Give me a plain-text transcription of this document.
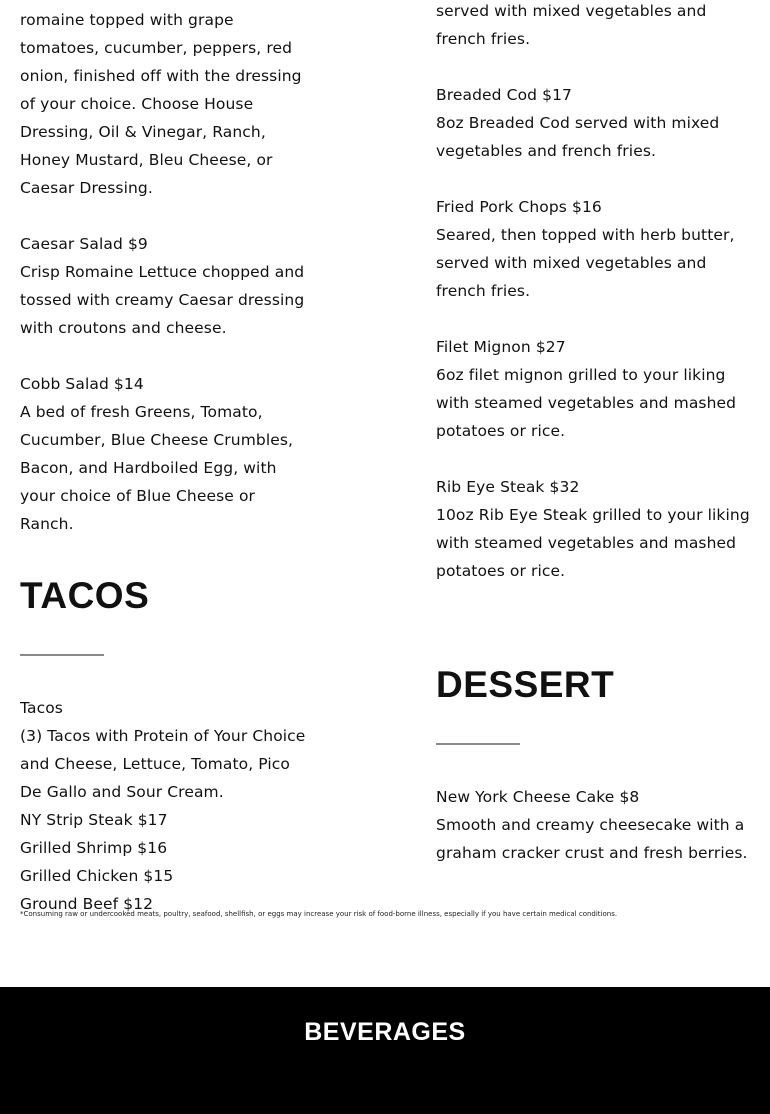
romaine topped with grape tomatoes, cucumber, peppers, red onion, finished off with the dressing of your choice. Choose House Dressing, Oil & Vinegar, Ranch, Honey Mustard, Bleu Cheese, or Caesar Dressing.

Caesar Salad $9

Crisp Romaine Lettuce chopped and tossed with creamy Caesar dressing with croutons and cheese.

Cobb Salad $14

A bed of fresh Greens, Tomato, Cucumber, Blue Cheese Crumbles, Bacon, and Hardboiled Egg, with your choice of Blue Cheese or Ranch.

TACOS

Tacos

(3) Tacos with Protein of Your Choice and Cheese, Lettuce, Tomato, Pico De Gallo and Sour Cream.

NY Strip Steak $17

Grilled Shrimp $16

Grilled Chicken $15

Ground Beef $12

served with mixed vegetables and french fries.

Breaded Cod $17

8oz Breaded Cod served with mixed vegetables and french fries.

Fried Pork Chops $16

Seared, then topped with herb butter, served with mixed vegetables and french fries.

Filet Mignon $27

6oz filet mignon grilled to your liking with steamed vegetables and mashed potatoes or rice.

Rib Eye Steak $32

10oz Rib Eye Steak grilled to your liking with steamed vegetables and mashed potatoes or rice.

DESSERT

New York Cheese Cake $8

Smooth and creamy cheesecake with a graham cracker crust and fresh berries.

*Consuming raw or undercooked meats, poultry, seafood, shellfish, or eggs may increase your risk of food-borne illness, especially if you have certain medical conditions.
BEVERAGES
